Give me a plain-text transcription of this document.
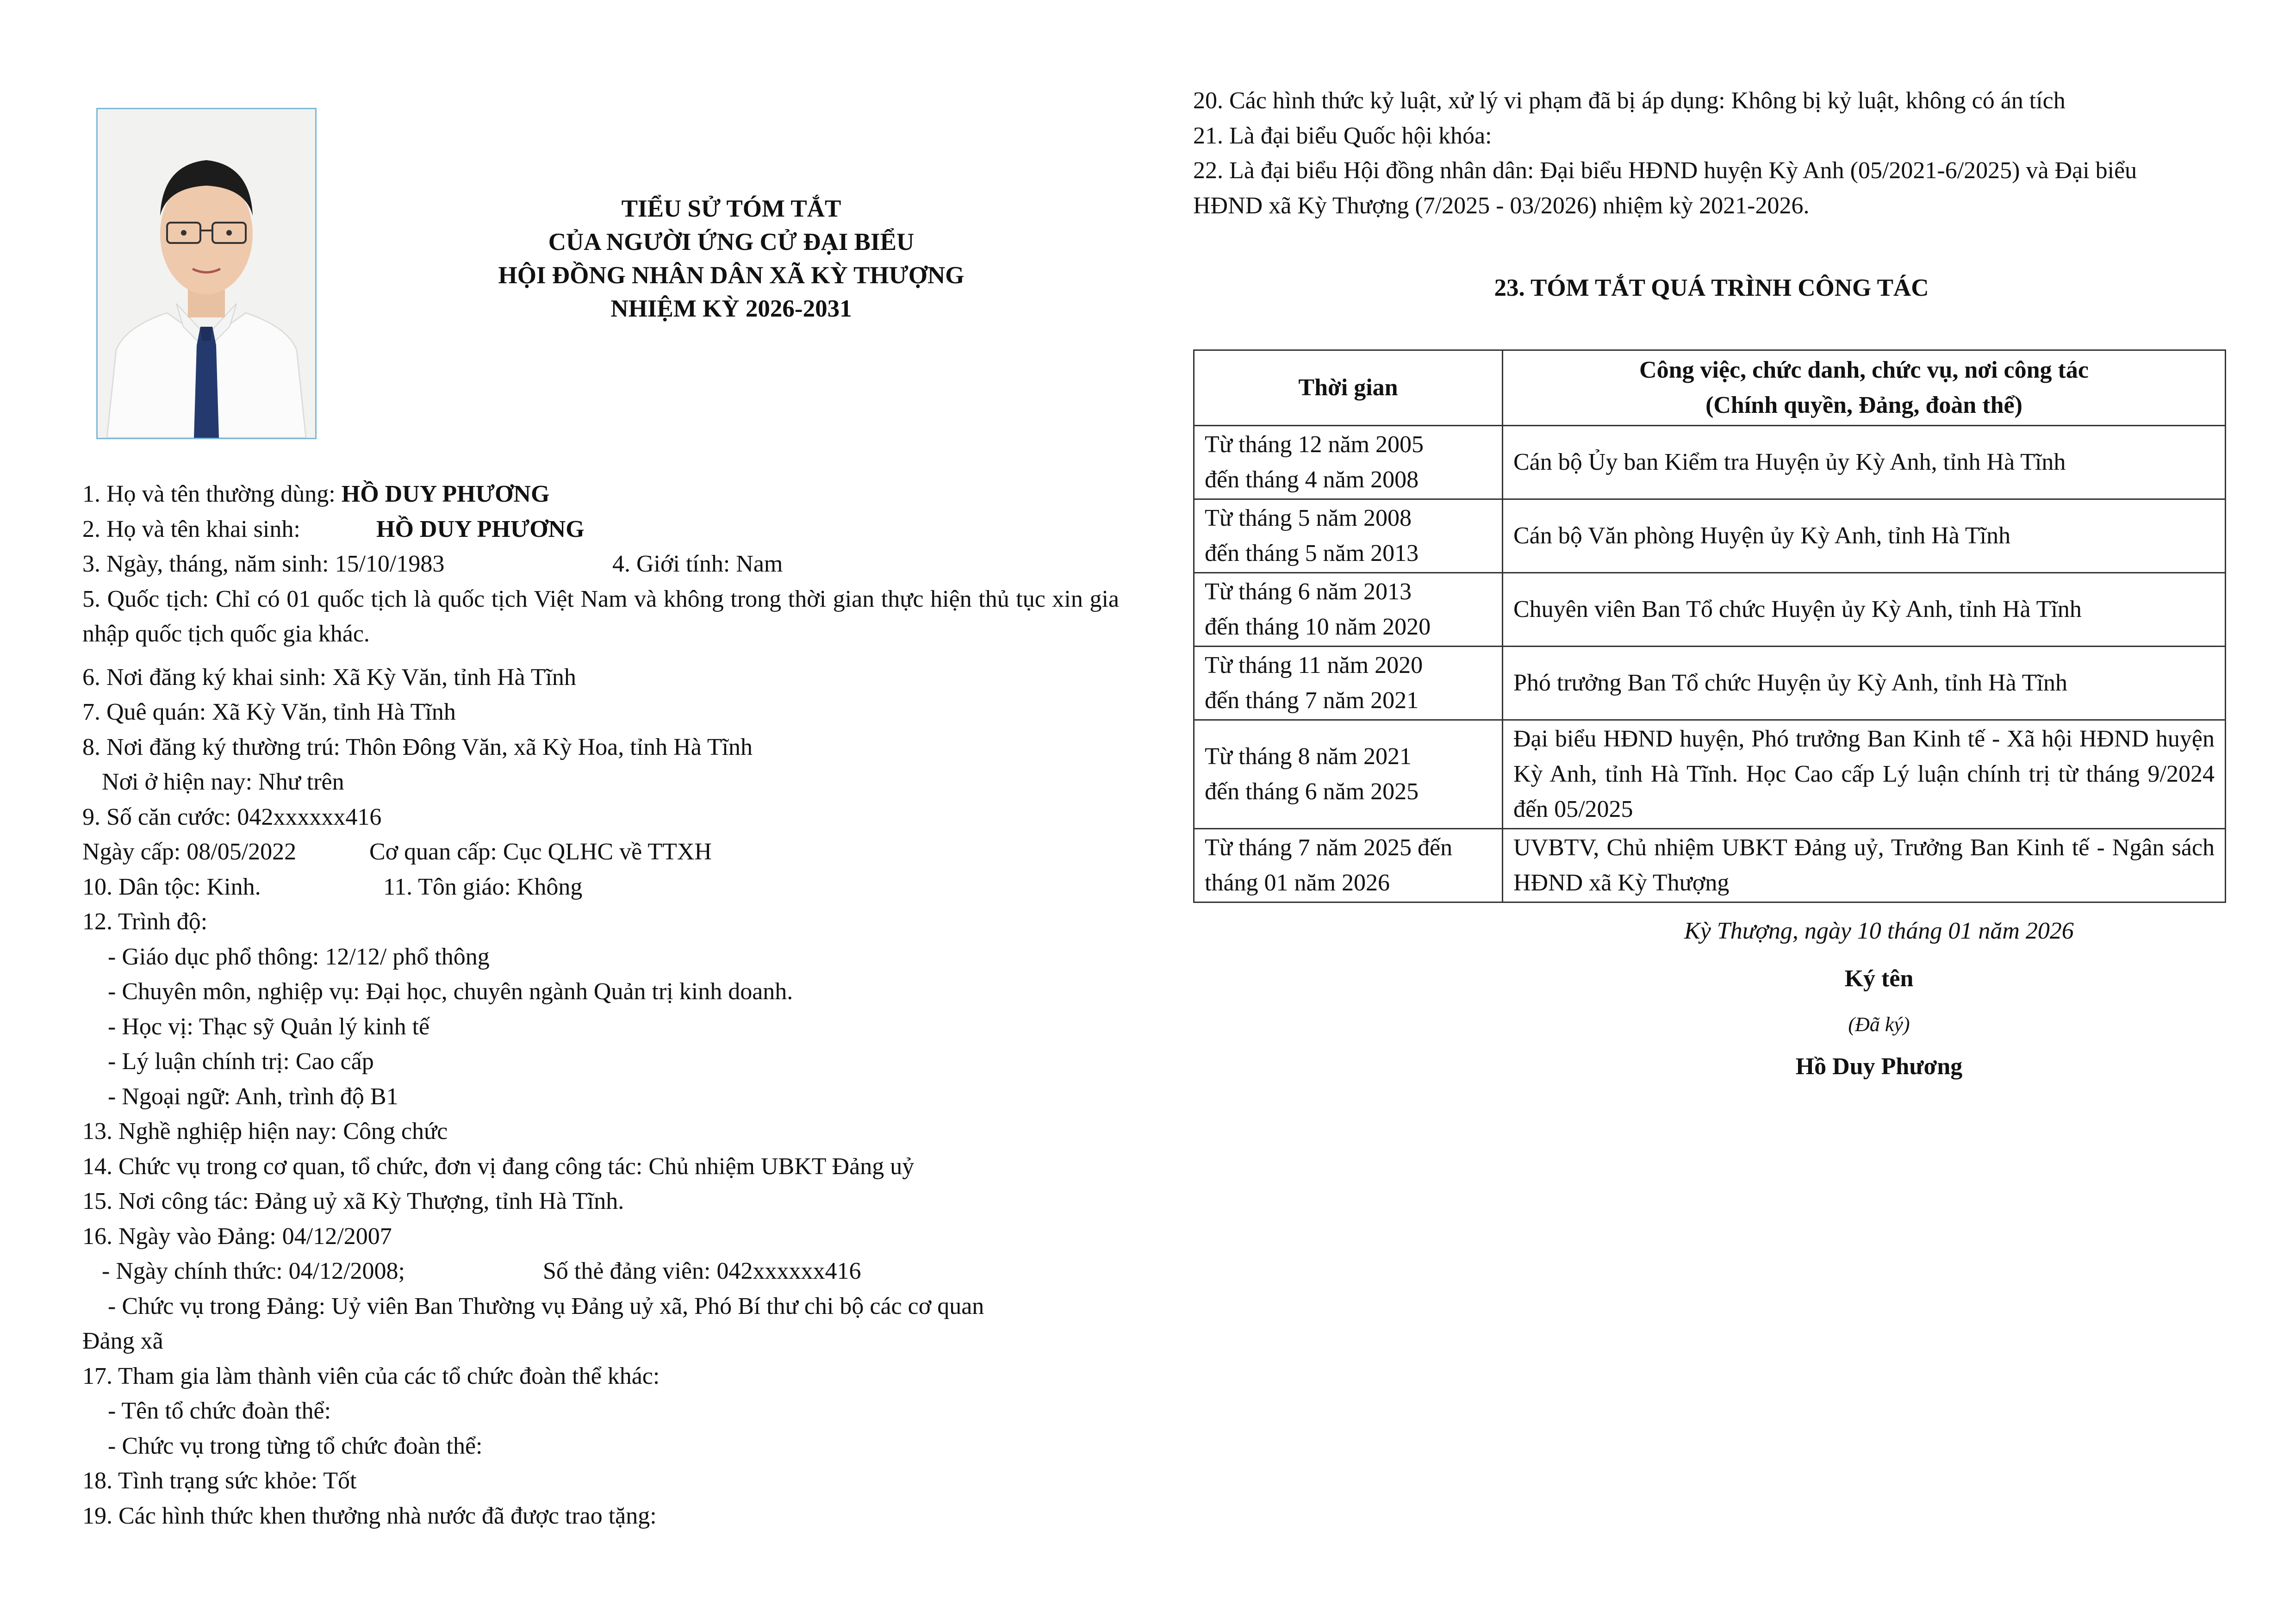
TIỂU SỬ TÓM TẮT
CỦA NGƯỜI ỨNG CỬ ĐẠI BIỂU
HỘI ĐỒNG NHÂN DÂN XÃ KỲ THƯỢNG
NHIỆM KỲ 2026-2031
1. Họ và tên thường dùng: HỒ DUY PHƯƠNG
2. Họ và tên khai sinh:	HỒ DUY PHƯƠNG
3. Ngày, tháng, năm sinh: 15/10/1983	4. Giới tính: Nam
5. Quốc tịch: Chỉ có 01 quốc tịch là quốc tịch Việt Nam và không trong thời gian thực hiện thủ tục xin gia nhập quốc tịch quốc gia khác.
6. Nơi đăng ký khai sinh: Xã Kỳ Văn, tỉnh Hà Tĩnh
7. Quê quán: Xã Kỳ Văn, tỉnh Hà Tĩnh
8. Nơi đăng ký thường trú: Thôn Đông Văn, xã Kỳ Hoa, tỉnh Hà Tĩnh
Nơi ở hiện nay: Như trên
9. Số căn cước: 042xxxxxx416
Ngày cấp: 08/05/2022	Cơ quan cấp: Cục QLHC về TTXH
10. Dân tộc: Kinh.	11. Tôn giáo: Không
12. Trình độ:
- Giáo dục phổ thông: 12/12/ phổ thông
- Chuyên môn, nghiệp vụ: Đại học, chuyên ngành Quản trị kinh doanh.
- Học vị: Thạc sỹ Quản lý kinh tế
- Lý luận chính trị: Cao cấp
- Ngoại ngữ: Anh, trình độ B1
13. Nghề nghiệp hiện nay: Công chức
14. Chức vụ trong cơ quan, tổ chức, đơn vị đang công tác: Chủ nhiệm UBKT Đảng uỷ
15. Nơi công tác: Đảng uỷ xã Kỳ Thượng, tỉnh Hà Tĩnh.
16. Ngày vào Đảng: 04/12/2007
- Ngày chính thức: 04/12/2008;	Số thẻ đảng viên: 042xxxxxx416
- Chức vụ trong Đảng: Uỷ viên Ban Thường vụ Đảng uỷ xã, Phó Bí thư chi bộ các cơ quan
Đảng xã
17. Tham gia làm thành viên của các tổ chức đoàn thể khác:
- Tên tổ chức đoàn thể:
- Chức vụ trong từng tổ chức đoàn thể:
18. Tình trạng sức khỏe: Tốt
19. Các hình thức khen thưởng nhà nước đã được trao tặng:
20. Các hình thức kỷ luật, xử lý vi phạm đã bị áp dụng: Không bị kỷ luật, không có án tích
21. Là đại biểu Quốc hội khóa:
22. Là đại biểu Hội đồng nhân dân: Đại biểu HĐND huyện Kỳ Anh (05/2021-6/2025) và Đại biểu
HĐND xã Kỳ Thượng (7/2025 - 03/2026) nhiệm kỳ 2021-2026.
23. TÓM TẮT QUÁ TRÌNH CÔNG TÁC
Thời gian	Công việc, chức danh, chức vụ, nơi công tác
(Chính quyền, Đảng, đoàn thể)

Từ tháng 12 năm 2005
đến tháng 4 năm 2008	Cán bộ Ủy ban Kiểm tra Huyện ủy Kỳ Anh, tỉnh Hà Tĩnh

Từ tháng 5 năm 2008
đến tháng 5 năm 2013	Cán bộ Văn phòng Huyện ủy Kỳ Anh, tỉnh Hà Tĩnh

Từ tháng 6 năm 2013
đến tháng 10 năm 2020	Chuyên viên Ban Tổ chức Huyện ủy Kỳ Anh, tỉnh Hà Tĩnh

Từ tháng 11 năm 2020
đến tháng 7 năm 2021	Phó trưởng Ban Tổ chức Huyện ủy Kỳ Anh, tỉnh Hà Tĩnh

Từ tháng 8 năm 2021
đến tháng 6 năm 2025	Đại biểu HĐND huyện, Phó trưởng Ban Kinh tế - Xã hội HĐND huyện Kỳ Anh, tỉnh Hà Tĩnh. Học Cao cấp Lý luận chính trị từ tháng 9/2024 đến 05/2025

Từ tháng 7 năm 2025 đến
tháng 01 năm 2026	UVBTV, Chủ nhiệm UBKT Đảng uỷ, Trưởng Ban Kinh tế - Ngân sách HĐND xã Kỳ Thượng
Kỳ Thượng, ngày 10 tháng 01 năm 2026
Ký tên
(Đã ký)
Hồ Duy Phương
